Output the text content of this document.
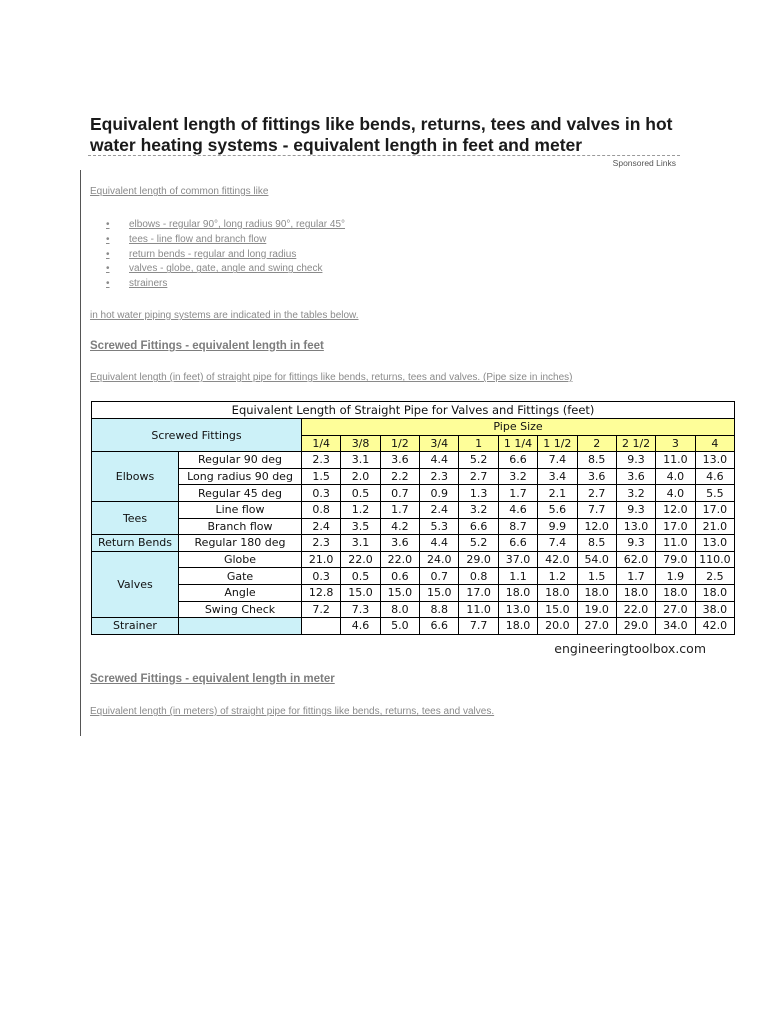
Equivalent length of fittings like bends, returns, tees and valves in hot water heating systems - equivalent length in feet and meter
Sponsored Links
Equivalent length of common fittings like
• elbows - regular 90°, long radius 90°, regular 45°
• tees - line flow and branch flow
• return bends - regular and long radius
• valves - globe, gate, angle and swing check
• strainers
in hot water piping systems are indicated in the tables below.
Screwed Fittings - equivalent length in feet
Equivalent length (in feet) of straight pipe for fittings like bends, returns, tees and valves. (Pipe size in inches)
Equivalent Length of Straight Pipe for Valves and Fittings (feet)												
Screwed Fittings		Pipe Size										
		1/4	3/8	1/2	3/4	1	1 1/4	1 1/2	2	2 1/2	3	4
Elbows	Regular 90 deg	2.3	3.1	3.6	4.4	5.2	6.6	7.4	8.5	9.3	11.0	13.0
	Long radius 90 deg	1.5	2.0	2.2	2.3	2.7	3.2	3.4	3.6	3.6	4.0	4.6
	Regular 45 deg	0.3	0.5	0.7	0.9	1.3	1.7	2.1	2.7	3.2	4.0	5.5
Tees	Line flow	0.8	1.2	1.7	2.4	3.2	4.6	5.6	7.7	9.3	12.0	17.0
	Branch flow	2.4	3.5	4.2	5.3	6.6	8.7	9.9	12.0	13.0	17.0	21.0
Return Bends	Regular 180 deg	2.3	3.1	3.6	4.4	5.2	6.6	7.4	8.5	9.3	11.0	13.0
Valves	Globe	21.0	22.0	22.0	24.0	29.0	37.0	42.0	54.0	62.0	79.0	110.0
	Gate	0.3	0.5	0.6	0.7	0.8	1.1	1.2	1.5	1.7	1.9	2.5
	Angle	12.8	15.0	15.0	15.0	17.0	18.0	18.0	18.0	18.0	18.0	18.0
	Swing Check	7.2	7.3	8.0	8.8	11.0	13.0	15.0	19.0	22.0	27.0	38.0
Strainer			4.6	5.0	6.6	7.7	18.0	20.0	27.0	29.0	34.0	42.0
engineeringtoolbox.com
Screwed Fittings - equivalent length in meter
Equivalent length (in meters) of straight pipe for fittings like bends, returns, tees and valves.
